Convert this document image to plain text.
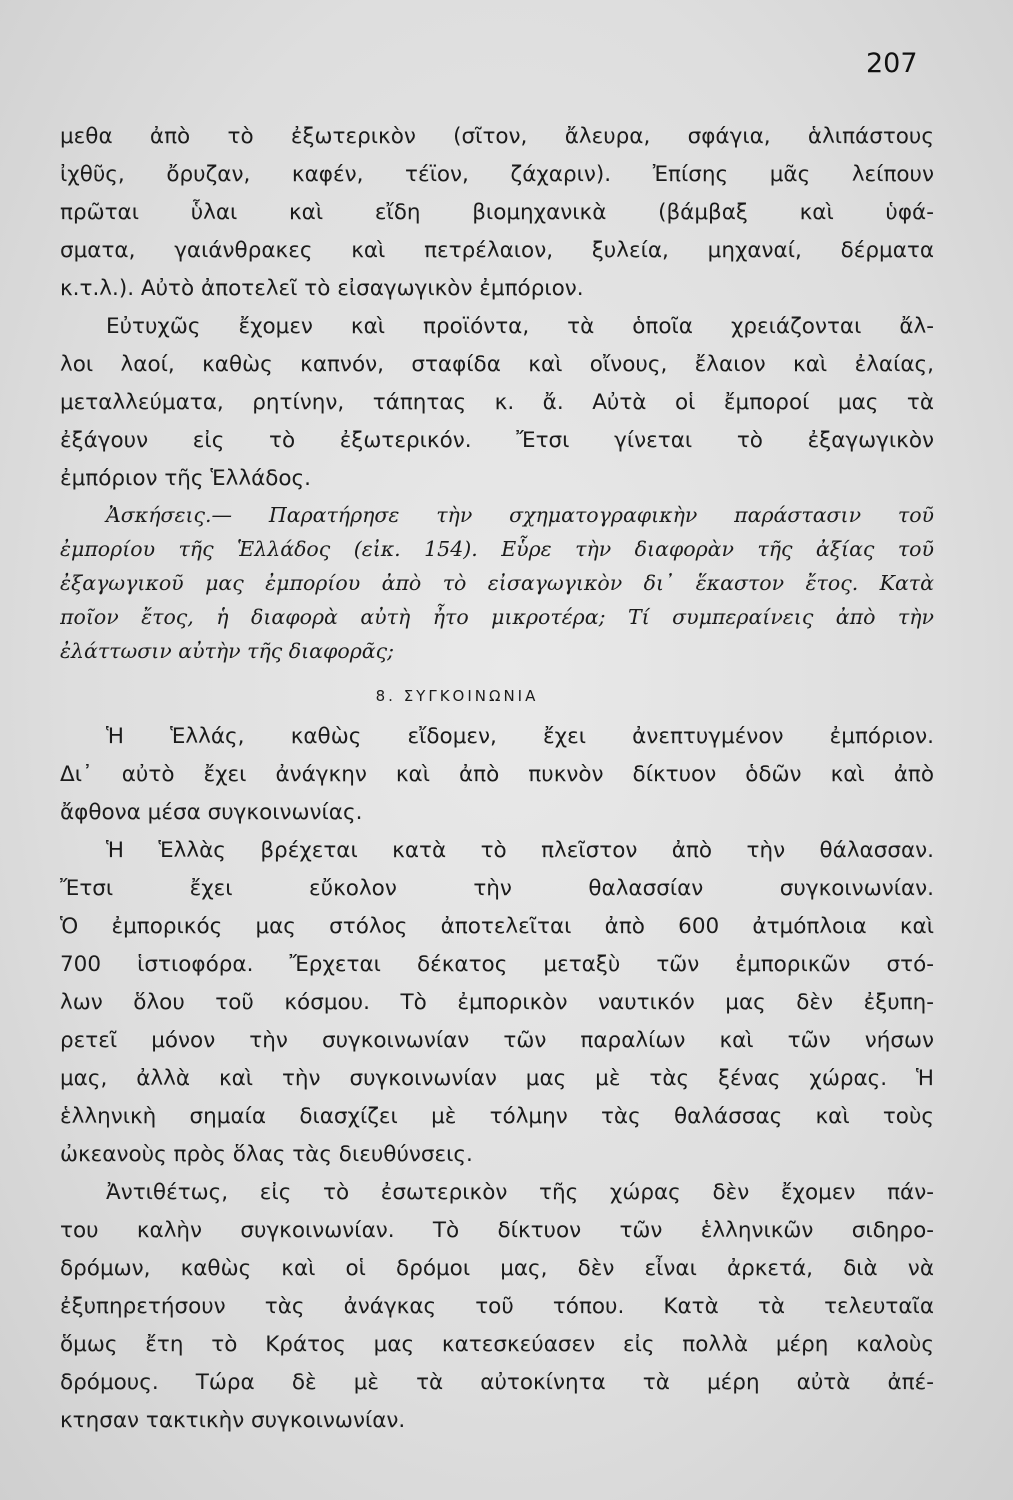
207
μεθα ἀπὸ τὸ ἐξωτερικὸν (σῖτον, ἄλευρα, σφάγια, ἁλιπάστους
ἰχθῦς, ὄρυζαν, καφέν, τέϊον, ζάχαριν). Ἐπίσης μᾶς λείπουν
πρῶται ὗλαι καὶ εἴδη βιομηχανικὰ (βάμβαξ καὶ ὑφά-
σματα, γαιάνθρακες καὶ πετρέλαιον, ξυλεία, μηχαναί, δέρματα
κ.τ.λ.). Αὐτὸ ἀποτελεῖ τὸ εἰσαγωγικὸν ἐμπόριον.
Εὐτυχῶς ἔχομεν καὶ προϊόντα, τὰ ὁποῖα χρειάζονται ἄλ-
λοι λαοί, καθὼς καπνόν, σταφίδα καὶ οἴνους, ἔλαιον καὶ ἐλαίας,
μεταλλεύματα, ρητίνην, τάπητας κ. ἄ. Αὐτὰ οἱ ἔμποροί μας τὰ
ἐξάγουν εἰς τὸ ἐξωτερικόν. Ἔτσι γίνεται τὸ ἐξαγωγικὸν
ἐμπόριον τῆς Ἑλλάδος.
Ἀσκήσεις.— Παρατήρησε τὴν σχηματογραφικὴν παράστασιν τοῦ
ἐμπορίου τῆς Ἑλλάδος (εἰκ. 154). Εὗρε τὴν διαφορὰν τῆς ἀξίας τοῦ
ἐξαγωγικοῦ μας ἐμπορίου ἀπὸ τὸ εἰσαγωγικὸν δι᾽ ἕκαστον ἔτος. Κατὰ
ποῖον ἔτος, ἡ διαφορὰ αὐτὴ ἦτο μικροτέρα; Τί συμπεραίνεις ἀπὸ τὴν
ἐλάττωσιν αὐτὴν τῆς διαφορᾶς;
8. ΣΥΓΚΟΙΝΩΝΙΑ
Ἡ Ἑλλάς, καθὼς εἴδομεν, ἔχει ἀνεπτυγμένον ἐμπόριον.
Δι᾽ αὐτὸ ἔχει ἀνάγκην καὶ ἀπὸ πυκνὸν δίκτυον ὁδῶν καὶ ἀπὸ
ἄφθονα μέσα συγκοινωνίας.
Ἡ Ἑλλὰς βρέχεται κατὰ τὸ πλεῖστον ἀπὸ τὴν θάλασσαν.
Ἔτσι ἔχει εὔκολον τὴν θαλασσίαν συγκοινωνίαν.
Ὁ ἐμπορικός μας στόλος ἀποτελεῖται ἀπὸ 600 ἀτμόπλοια καὶ
700 ἱστιοφόρα. Ἔρχεται δέκατος μεταξὺ τῶν ἐμπορικῶν στό-
λων ὅλου τοῦ κόσμου. Τὸ ἐμπορικὸν ναυτικόν μας δὲν ἐξυπη-
ρετεῖ μόνον τὴν συγκοινωνίαν τῶν παραλίων καὶ τῶν νήσων
μας, ἀλλὰ καὶ τὴν συγκοινωνίαν μας μὲ τὰς ξένας χώρας. Ἡ
ἑλληνικὴ σημαία διασχίζει μὲ τόλμην τὰς θαλάσσας καὶ τοὺς
ὠκεανοὺς πρὸς ὅλας τὰς διευθύνσεις.
Ἀντιθέτως, εἰς τὸ ἐσωτερικὸν τῆς χώρας δὲν ἔχομεν πάν-
του καλὴν συγκοινωνίαν. Τὸ δίκτυον τῶν ἑλληνικῶν σιδηρο-
δρόμων, καθὼς καὶ οἱ δρόμοι μας, δὲν εἶναι ἀρκετά, διὰ νὰ
ἐξυπηρετήσουν τὰς ἀνάγκας τοῦ τόπου. Κατὰ τὰ τελευταῖα
ὅμως ἔτη τὸ Κράτος μας κατεσκεύασεν εἰς πολλὰ μέρη καλοὺς
δρόμους. Τώρα δὲ μὲ τὰ αὐτοκίνητα τὰ μέρη αὐτὰ ἀπέ-
κτησαν τακτικὴν συγκοινωνίαν.
